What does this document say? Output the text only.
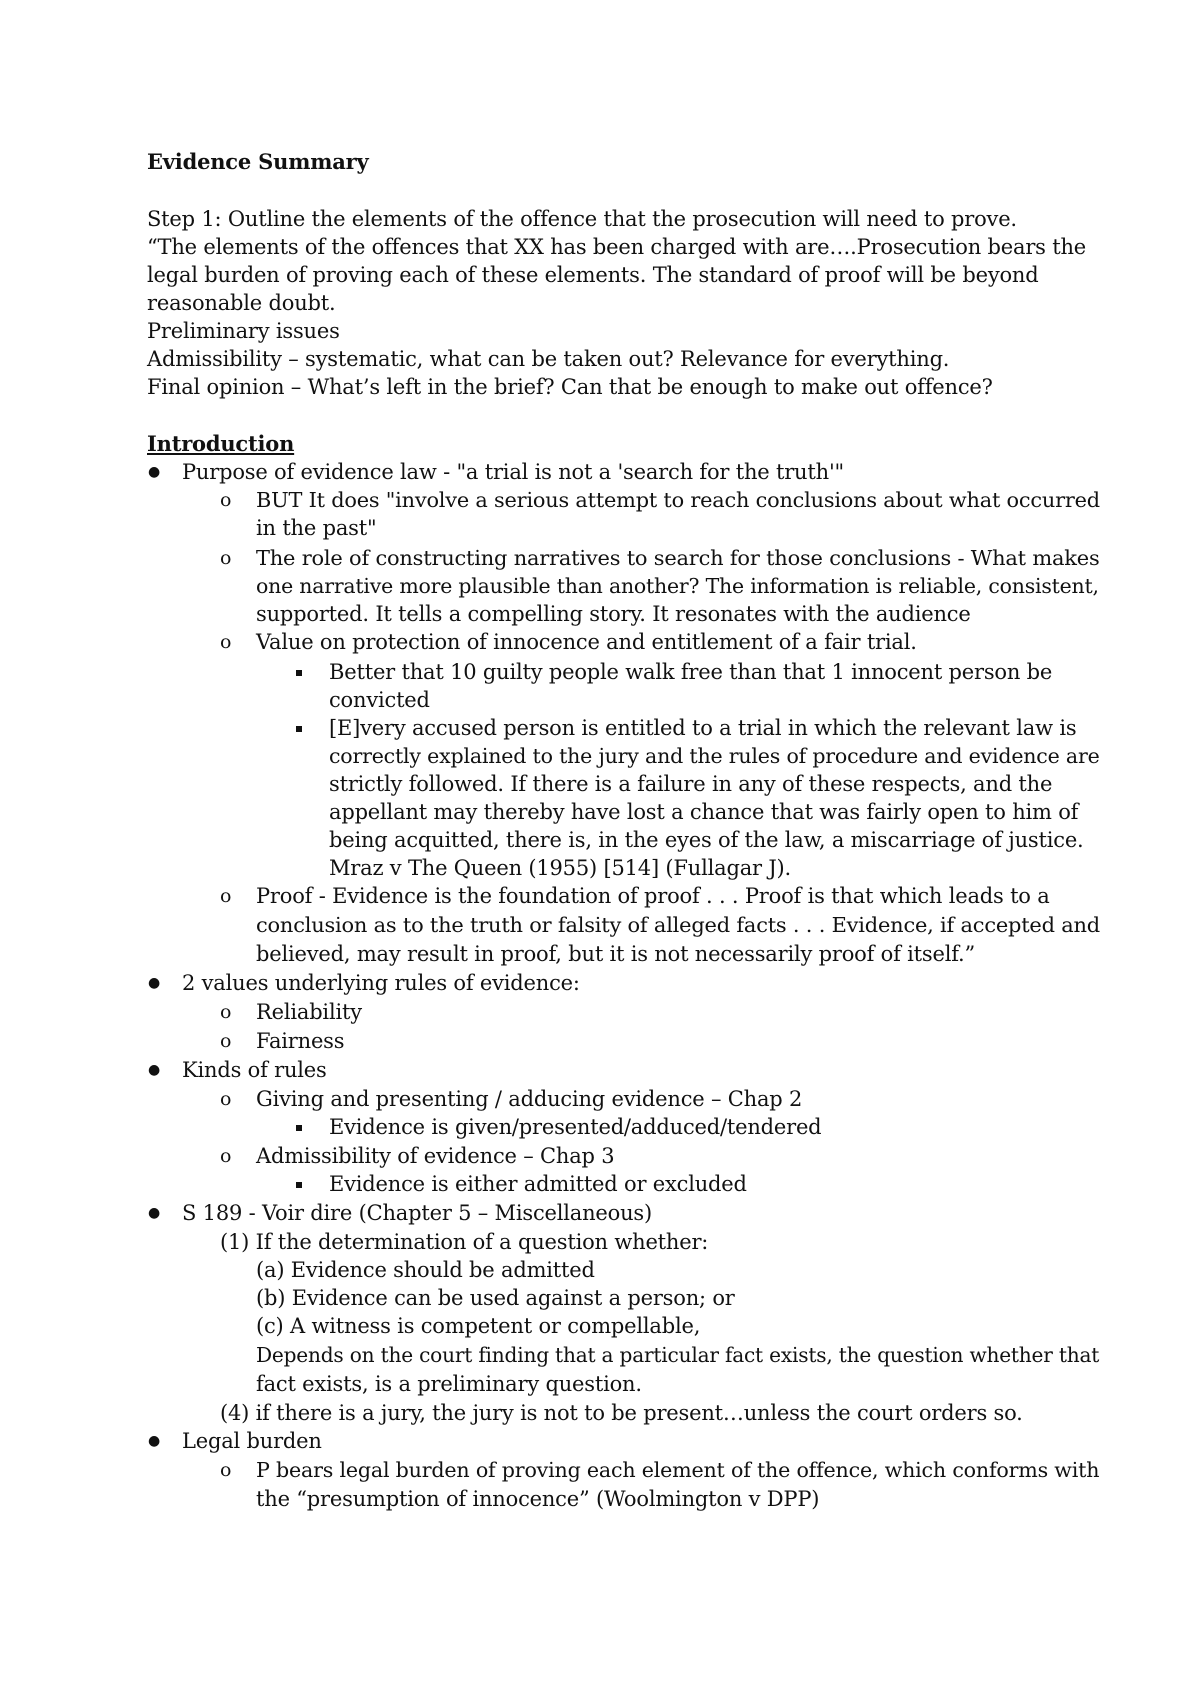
Evidence Summary
Step 1: Outline the elements of the offence that the prosecution will need to prove.
“The elements of the offences that XX has been charged with are….Prosecution bears the
legal burden of proving each of these elements. The standard of proof will be beyond
reasonable doubt.
Preliminary issues
Admissibility – systematic, what can be taken out? Relevance for everything.
Final opinion – What’s left in the brief? Can that be enough to make out offence?
Introduction
● Purpose of evidence law - "a trial is not a 'search for the truth'"
o BUT It does "involve a serious attempt to reach conclusions about what occurred
in the past"
o The role of constructing narratives to search for those conclusions - What makes
one narrative more plausible than another? The information is reliable, consistent,
supported. It tells a compelling story. It resonates with the audience
o Value on protection of innocence and entitlement of a fair trial.
Better that 10 guilty people walk free than that 1 innocent person be
convicted
[E]very accused person is entitled to a trial in which the relevant law is
correctly explained to the jury and the rules of procedure and evidence are
strictly followed. If there is a failure in any of these respects, and the
appellant may thereby have lost a chance that was fairly open to him of
being acquitted, there is, in the eyes of the law, a miscarriage of justice.
Mraz v The Queen (1955) [514] (Fullagar J).
o Proof - Evidence is the foundation of proof . . . Proof is that which leads to a
conclusion as to the truth or falsity of alleged facts . . . Evidence, if accepted and
believed, may result in proof, but it is not necessarily proof of itself.”
● 2 values underlying rules of evidence:
o Reliability
o Fairness
● Kinds of rules
o Giving and presenting / adducing evidence – Chap 2
Evidence is given/presented/adduced/tendered
o Admissibility of evidence – Chap 3
Evidence is either admitted or excluded
● S 189 - Voir dire (Chapter 5 – Miscellaneous)
(1) If the determination of a question whether:
(a) Evidence should be admitted
(b) Evidence can be used against a person; or
(c) A witness is competent or compellable,
Depends on the court finding that a particular fact exists, the question whether that
fact exists, is a preliminary question.
(4) if there is a jury, the jury is not to be present…unless the court orders so.
● Legal burden
o P bears legal burden of proving each element of the offence, which conforms with
the “presumption of innocence” (Woolmington v DPP)
